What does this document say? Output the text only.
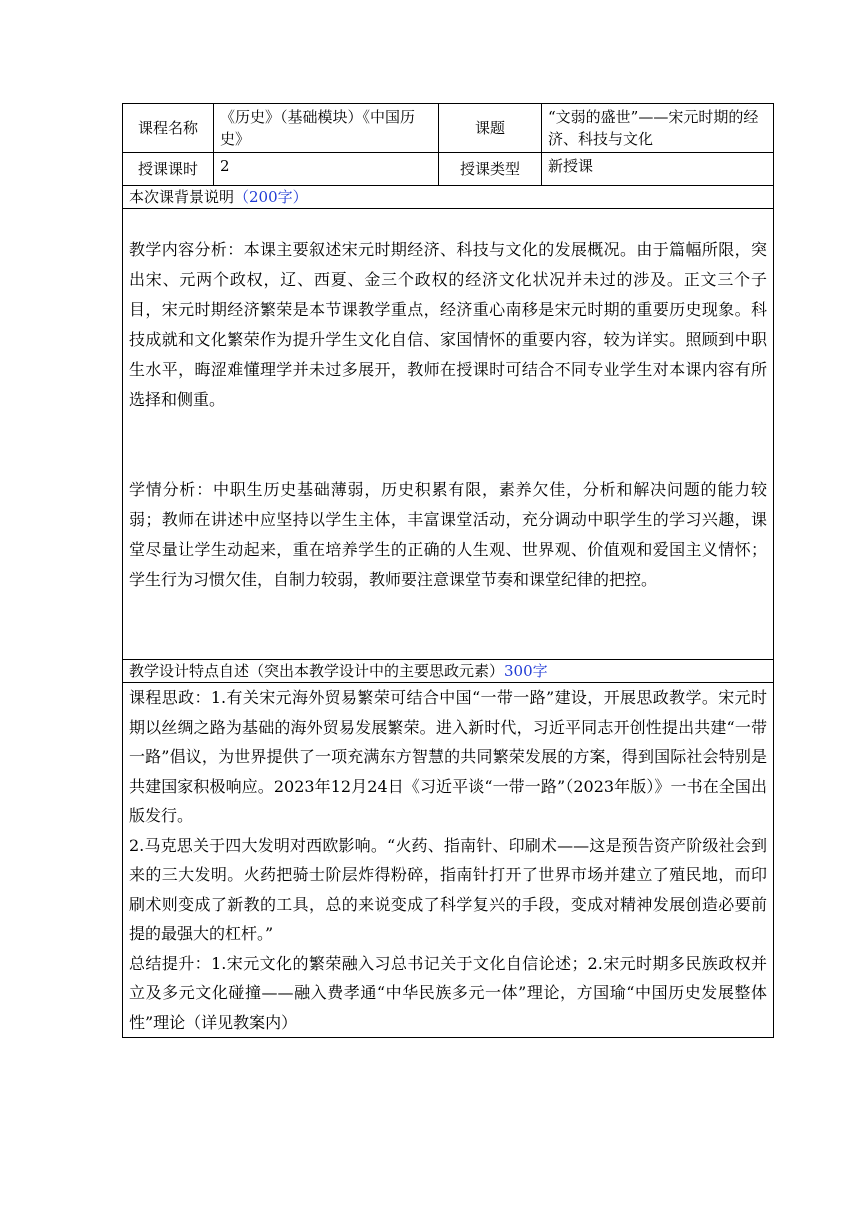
课程名称	《历史》（基础模块）《中国历史》	课题	“文弱的盛世”——宋元时期的经济、科技与文化
授课课时	2	授课类型	新授课
本次课背景说明（200字）			

教学内容分析：本课主要叙述宋元时期经济、科技与文化的发展概况。由于篇幅所限，突出宋、元两个政权，辽、西夏、金三个政权的经济文化状况并未过的涉及。正文三个子目，宋元时期经济繁荣是本节课教学重点，经济重心南移是宋元时期的重要历史现象。科技成就和文化繁荣作为提升学生文化自信、家国情怀的重要内容，较为详实。照顾到中职生水平，晦涩难懂理学并未过多展开，教师在授课时可结合不同专业学生对本课内容有所选择和侧重。

学情分析：中职生历史基础薄弱，历史积累有限，素养欠佳，分析和解决问题的能力较弱；教师在讲述中应坚持以学生主体，丰富课堂活动，充分调动中职学生的学习兴趣，课堂尽量让学生动起来，重在培养学生的正确的人生观、世界观、价值观和爱国主义情怀；学生行为习惯欠佳，自制力较弱，教师要注意课堂节奏和课堂纪律的把控。			

教学设计特点自述（突出本教学设计中的主要思政元素）300字			

课程思政：1.有关宋元海外贸易繁荣可结合中国“一带一路”建设，开展思政教学。宋元时期以丝绸之路为基础的海外贸易发展繁荣。进入新时代，习近平同志开创性提出共建“一带一路”倡议，为世界提供了一项充满东方智慧的共同繁荣发展的方案，得到国际社会特别是共建国家积极响应。2023年12月24日《习近平谈“一带一路”（2023年版）》一书在全国出版发行。

2.马克思关于四大发明对西欧影响。“火药、指南针、印刷术——这是预告资产阶级社会到来的三大发明。火药把骑士阶层炸得粉碎，指南针打开了世界市场并建立了殖民地，而印刷术则变成了新教的工具，总的来说变成了科学复兴的手段，变成对精神发展创造必要前提的最强大的杠杆。”

总结提升：1.宋元文化的繁荣融入习总书记关于文化自信论述；2.宋元时期多民族政权并立及多元文化碰撞——融入费孝通“中华民族多元一体”理论，方国瑜“中国历史发展整体性”理论（详见教案内）			
